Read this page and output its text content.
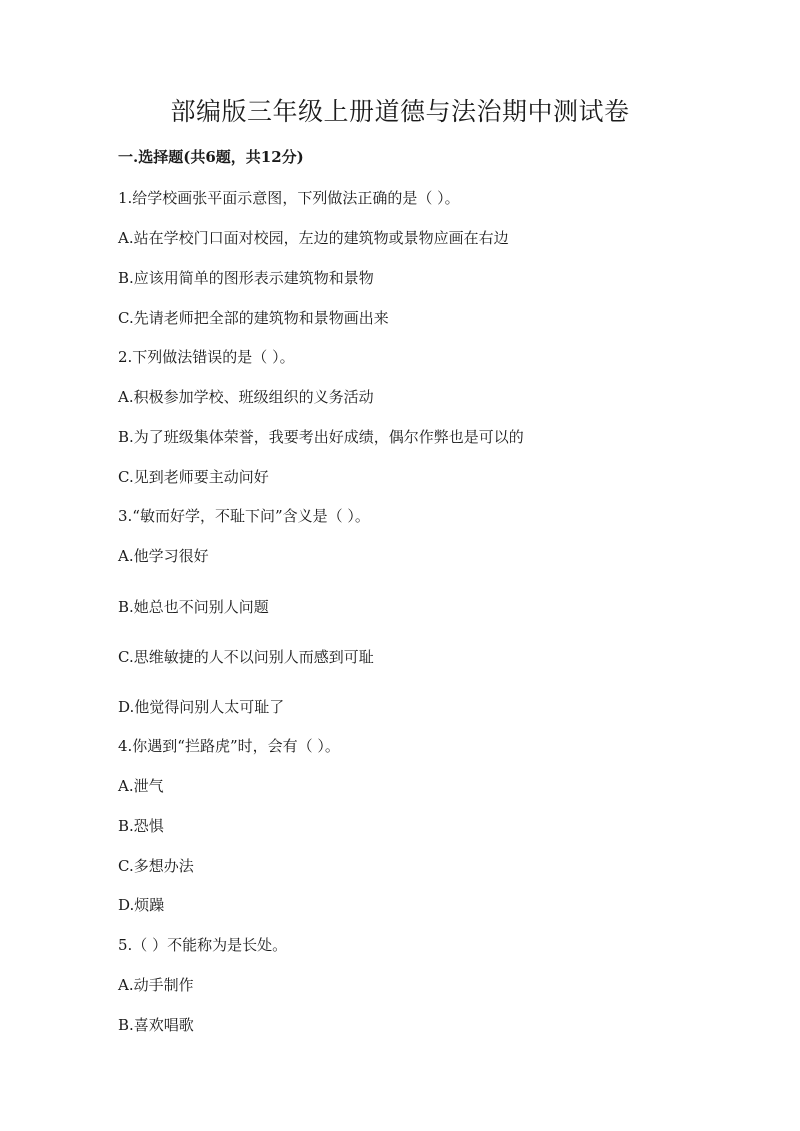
部编版三年级上册道德与法治期中测试卷
一.选择题(共6题，共12分)
1.给学校画张平面示意图，下列做法正确的是（ ）。
A.站在学校门口面对校园，左边的建筑物或景物应画在右边
B.应该用简单的图形表示建筑物和景物
C.先请老师把全部的建筑物和景物画出来
2.下列做法错误的是（ ）。
A.积极参加学校、班级组织的义务活动
B.为了班级集体荣誉，我要考出好成绩，偶尔作弊也是可以的
C.见到老师要主动问好
3.“敏而好学，不耻下问”含义是（ ）。
A.他学习很好
B.她总也不问别人问题
C.思维敏捷的人不以问别人而感到可耻
D.他觉得问别人太可耻了
4.你遇到“拦路虎”时，会有（ ）。
A.泄气
B.恐惧
C.多想办法
D.烦躁
5.（ ）不能称为是长处。
A.动手制作
B.喜欢唱歌
